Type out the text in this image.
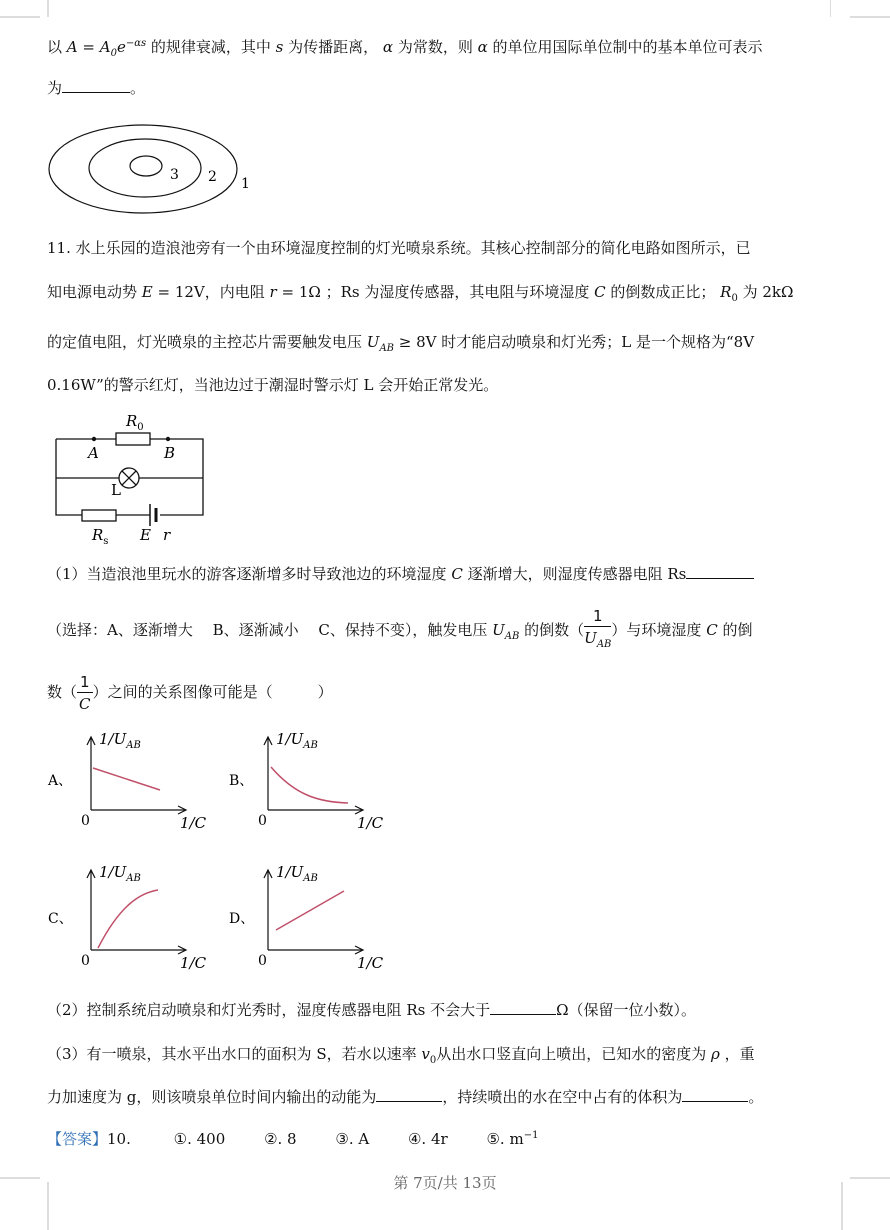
以 $A = A_0e^{-\alpha s}$ 的规律衰减，其中 s 为传播距离， α 为常数，则 α 的单位用国际单位制中的基本单位可表示
为	。
1
2
3
11. 水上乐园的造浪池旁有一个由环境湿度控制的灯光喷泉系统。其核心控制部分的简化电路如图所示，已
知电源电动势 E = 12V，内电阻 r = 1Ω ；Rs 为湿度传感器，其电阻与环境湿度 C 的倒数成正比； $R_0$ 为 2kΩ
的定值电阻，灯光喷泉的主控芯片需要触发电压 $U_{AB} \ge 8V$ 时才能启动喷泉和灯光秀；L 是一个规格为“8V
0.16W”的警示红灯，当池边过于潮湿时警示灯 L 会开始正常发光。
$R_0$
A	B
L
$R_s$ E r
（1）当造浪池里玩水的游客逐渐增多时导致池边的环境湿度 C 逐渐增大，则湿度传感器电阻 Rs
（选择：A、逐渐增大　 B、逐渐减小　 C、保持不变），触发电压 $U_{AB}$ 的倒数（ $\frac{1}{U_{AB}}$ ）与环境湿度 C 的倒
数（ $\frac{1}{C}$ ）之间的关系图像可能是（　　　）
A、
$1/U_{AB}$
0	1/C
B、
$1/U_{AB}$
0	1/C
C、
$1/U_{AB}$
0	1/C
D、
$1/U_{AB}$
0	1/C
（2）控制系统启动喷泉和灯光秀时，湿度传感器电阻 Rs 不会大于	Ω（保留一位小数）。
（3）有一喷泉，其水平出水口的面积为 S，若水以速率 $v_0$从出水口竖直向上喷出，已知水的密度为 ρ ，重
力加速度为 g，则该喷泉单位时间内输出的动能为	，持续喷出的水在空中占有的体积为	。
【答案】10.	①. 400	②. 8	③. A	④. 4r	⑤. $m^{-1}$
第 7页/共 13页
